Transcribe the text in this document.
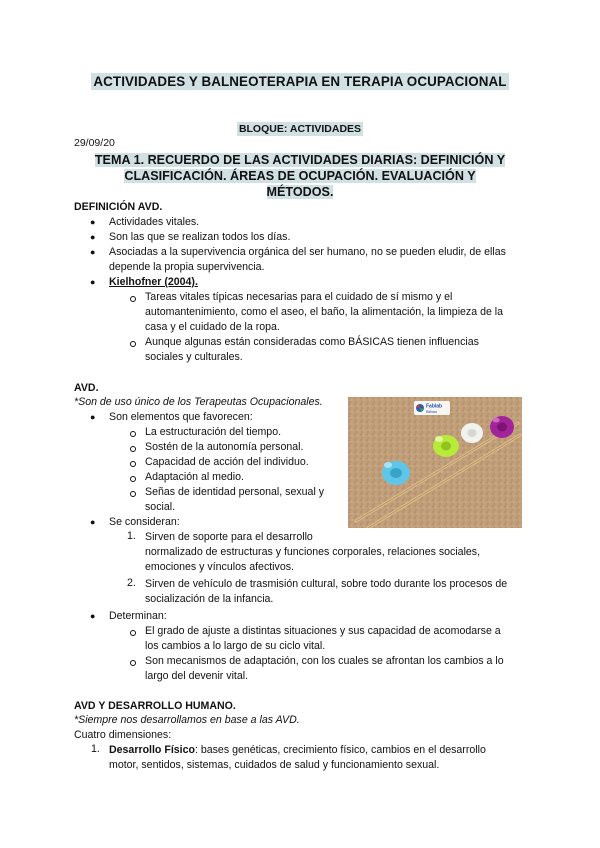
ACTIVIDADES Y BALNEOTERAPIA EN TERAPIA OCUPACIONAL
BLOQUE: ACTIVIDADES
29/09/20
TEMA 1. RECUERDO DE LAS ACTIVIDADES DIARIAS: DEFINICIÓN Y
CLASIFICACIÓN. ÁREAS DE OCUPACIÓN. EVALUACIÓN Y MÉTODOS.
DEFINICIÓN AVD.
● Actividades vitales.
● Son las que se realizan todos los días.
● Asociadas a la supervivencia orgánica del ser humano, no se pueden eludir, de ellas
depende la propia supervivencia.
● Kielhofner (2004).
Tareas vitales típicas necesarias para el cuidado de sí mismo y el
automantenimiento, como el aseo, el baño, la alimentación, la limpieza de la
casa y el cuidado de la ropa.
Aunque algunas están consideradas como BÁSICAS tienen influencias
sociales y culturales.
AVD.
*Son de uso único de los Terapeutas Ocupacionales.
● Son elementos que favorecen:
La estructuración del tiempo.
Sostén de la autonomía personal.
Capacidad de acción del individuo.
Adaptación al medio.
Señas de identidad personal, sexual y
social.
● Se consideran:
1. Sirven de soporte para el desarrollo
normalizado de estructuras y funciones corporales, relaciones sociales,
emociones y vínculos afectivos.
2. Sirven de vehículo de trasmisión cultural, sobre todo durante los procesos de
socialización de la infancia.
● Determinan:
El grado de ajuste a distintas situaciones y sus capacidad de acomodarse a
los cambios a lo largo de su ciclo vital.
Son mecanismos de adaptación, con los cuales se afrontan los cambios a lo
largo del devenir vital.
Fablab
Bilbao
AVD Y DESARROLLO HUMANO.
*Siempre nos desarrollamos en base a las AVD.
Cuatro dimensiones:
1. Desarrollo Físico: bases genéticas, crecimiento físico, cambios en el desarrollo
motor, sentidos, sistemas, cuidados de salud y funcionamiento sexual.
